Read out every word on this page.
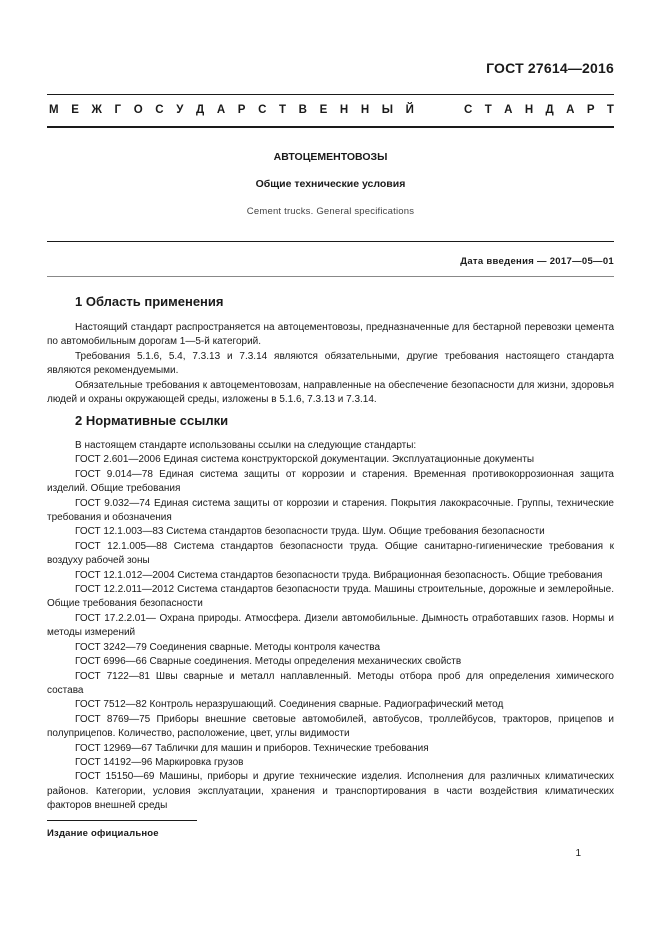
ГОСТ 27614—2016
М Е Ж Г О С У Д А Р С Т В Е Н Н Ы Й	С Т А Н Д А Р Т
АВТОЦЕМЕНТОВОЗЫ
Общие технические условия
Cement trucks. General specifications
Дата введения — 2017—05—01
1 Область применения

Настоящий стандарт распространяется на автоцементовозы, предназначенные для бестарной перевозки цемента по автомобильным дорогам 1—5-й категорий.

Требования 5.1.6, 5.4, 7.3.13 и 7.3.14 являются обязательными, другие требования настоящего стандарта являются рекомендуемыми.

Обязательные требования к автоцементовозам, направленные на обеспечение безопасности для жизни, здоровья людей и охраны окружающей среды, изложены в 5.1.6, 7.3.13 и 7.3.14.

2 Нормативные ссылки

В настоящем стандарте использованы ссылки на следующие стандарты:

ГОСТ 2.601—2006 Единая система конструкторской документации. Эксплуатационные документы

ГОСТ 9.014—78 Единая система защиты от коррозии и старения. Временная противокоррозионная защита изделий. Общие требования

ГОСТ 9.032—74 Единая система защиты от коррозии и старения. Покрытия лакокрасочные. Группы, технические требования и обозначения

ГОСТ 12.1.003—83 Система стандартов безопасности труда. Шум. Общие требования безопасности

ГОСТ 12.1.005—88 Система стандартов безопасности труда. Общие санитарно-гигиенические требования к воздуху рабочей зоны

ГОСТ 12.1.012—2004 Система стандартов безопасности труда. Вибрационная безопасность. Общие требования

ГОСТ 12.2.011—2012 Система стандартов безопасности труда. Машины строительные, дорожные и землеройные. Общие требования безопасности

ГОСТ 17.2.2.01— Охрана природы. Атмосфера. Дизели автомобильные. Дымность отработавших газов. Нормы и методы измерений

ГОСТ 3242—79 Соединения сварные. Методы контроля качества

ГОСТ 6996—66 Сварные соединения. Методы определения механических свойств

ГОСТ 7122—81 Швы сварные и металл наплавленный. Методы отбора проб для определения химического состава

ГОСТ 7512—82 Контроль неразрушающий. Соединения сварные. Радиографический метод

ГОСТ 8769—75 Приборы внешние световые автомобилей, автобусов, троллейбусов, тракторов, прицепов и полуприцепов. Количество, расположение, цвет, углы видимости

ГОСТ 12969—67 Таблички для машин и приборов. Технические требования

ГОСТ 14192—96 Маркировка грузов

ГОСТ 15150—69 Машины, приборы и другие технические изделия. Исполнения для различных климатических районов. Категории, условия эксплуатации, хранения и транспортирования в части воздействия климатических факторов внешней среды

Издание официальное
1
